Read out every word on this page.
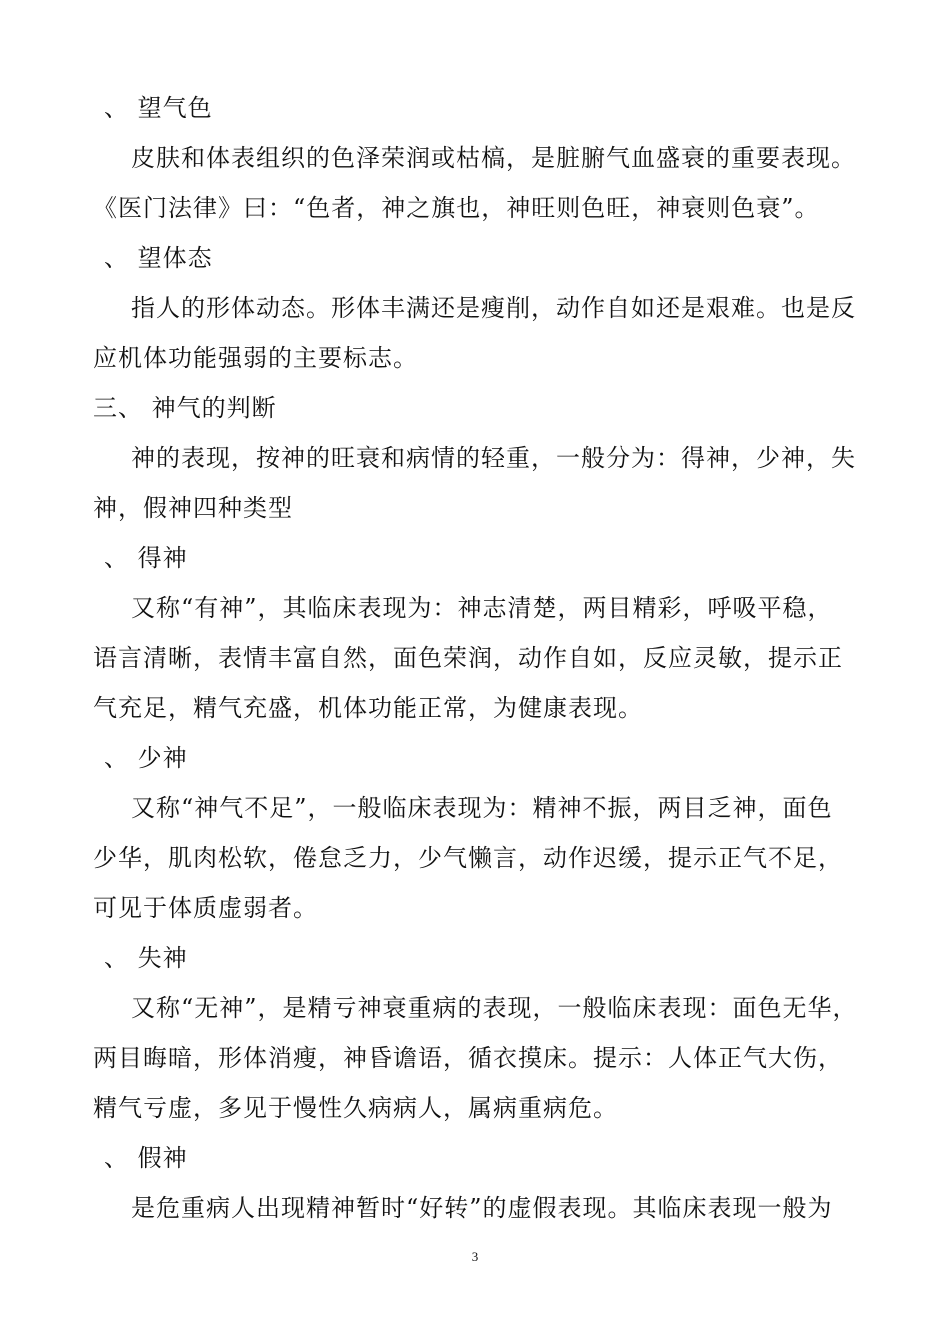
、 望气色
皮肤和体表组织的色泽荣润或枯槁，是脏腑气血盛衰的重要表现。
《医门法律》曰：“色者，神之旗也，神旺则色旺，神衰则色衰”。
、 望体态
指人的形体动态。形体丰满还是瘦削，动作自如还是艰难。也是反
应机体功能强弱的主要标志。
三、 神气的判断
神的表现，按神的旺衰和病情的轻重，一般分为：得神，少神，失
神，假神四种类型
、 得神
又称“有神”，其临床表现为：神志清楚，两目精彩，呼吸平稳，
语言清晰，表情丰富自然，面色荣润，动作自如，反应灵敏，提示正
气充足，精气充盛，机体功能正常，为健康表现。
、 少神
又称“神气不足”，一般临床表现为：精神不振，两目乏神，面色
少华，肌肉松软，倦怠乏力，少气懒言，动作迟缓，提示正气不足，
可见于体质虚弱者。
、 失神
又称“无神”，是精亏神衰重病的表现，一般临床表现：面色无华，
两目晦暗，形体消瘦，神昏谵语，循衣摸床。提示：人体正气大伤，
精气亏虚，多见于慢性久病病人，属病重病危。
、 假神
是危重病人出现精神暂时“好转”的虚假表现。其临床表现一般为
3
